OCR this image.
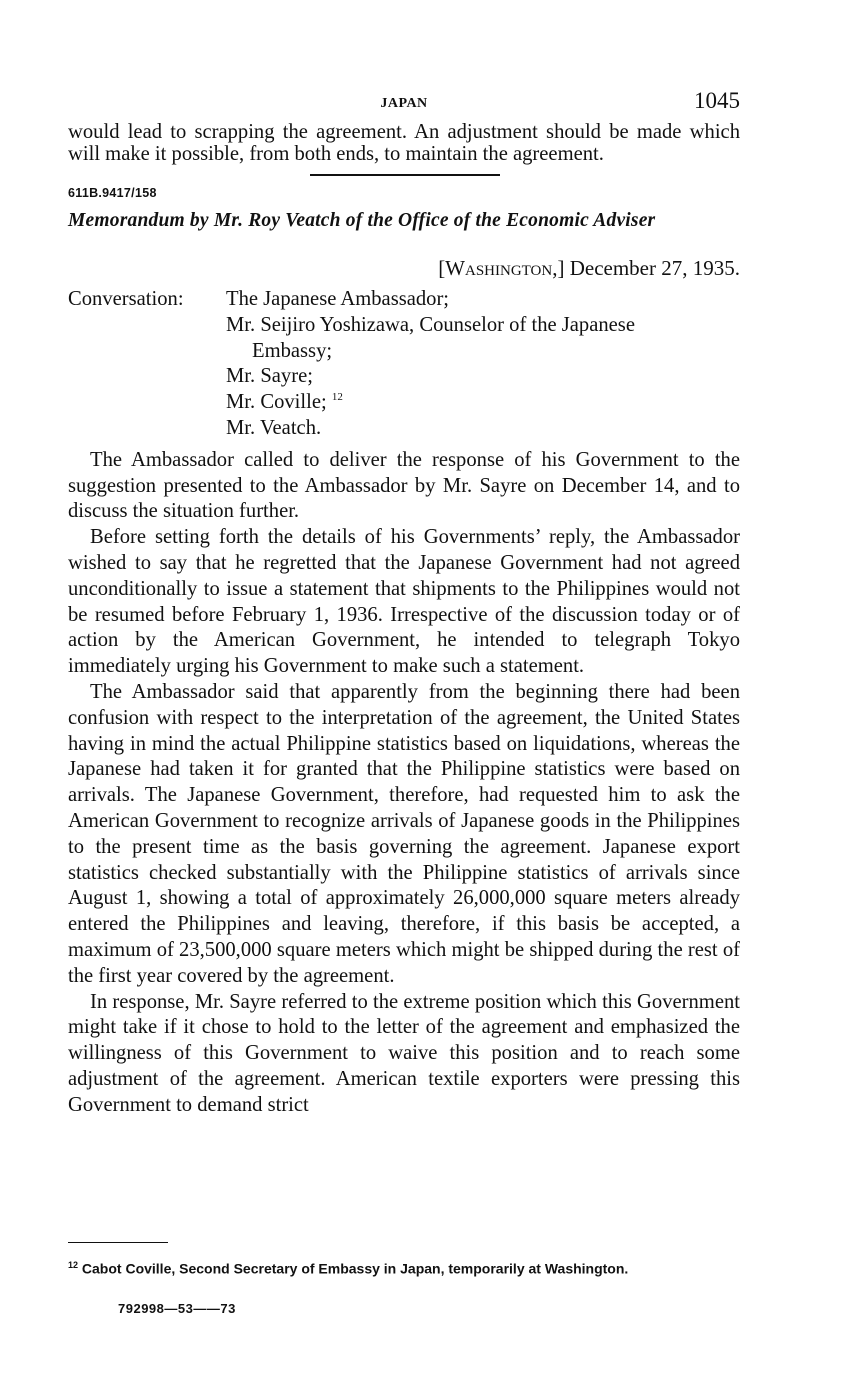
JAPAN	1045

would lead to scrapping the agreement. An adjustment should be made which will make it possible, from both ends, to maintain the agreement.

611B.9417/158
Memorandum by Mr. Roy Veatch of the Office of the Economic Adviser
[Washington,] December 27, 1935.
Conversation:	The Japanese Ambassador;
Mr. Seijiro Yoshizawa, Counselor of the Japanese
Embassy;
Mr. Sayre;
Mr. Coville; $^{12}$
Mr. Veatch.

The Ambassador called to deliver the response of his Government to the suggestion presented to the Ambassador by Mr. Sayre on December 14, and to discuss the situation further.

Before setting forth the details of his Governments’ reply, the Ambassador wished to say that he regretted that the Japanese Government had not agreed unconditionally to issue a statement that shipments to the Philippines would not be resumed before February 1, 1936. Irrespective of the discussion today or of action by the American Government, he intended to telegraph Tokyo immediately urging his Government to make such a statement.

The Ambassador said that apparently from the beginning there had been confusion with respect to the interpretation of the agreement, the United States having in mind the actual Philippine statistics based on liquidations, whereas the Japanese had taken it for granted that the Philippine statistics were based on arrivals. The Japanese Government, therefore, had requested him to ask the American Government to recognize arrivals of Japanese goods in the Philippines to the present time as the basis governing the agreement. Japanese export statistics checked substantially with the Philippine statistics of arrivals since August 1, showing a total of approximately 26,000,000 square meters already entered the Philippines and leaving, therefore, if this basis be accepted, a maximum of 23,500,000 square meters which might be shipped during the rest of the first year covered by the agreement.

In response, Mr. Sayre referred to the extreme position which this Government might take if it chose to hold to the letter of the agreement and emphasized the willingness of this Government to waive this position and to reach some adjustment of the agreement. American textile exporters were pressing this Government to demand strict

$^{12}$ Cabot Coville, Second Secretary of Embassy in Japan, temporarily at Washington.
792998—53——73
